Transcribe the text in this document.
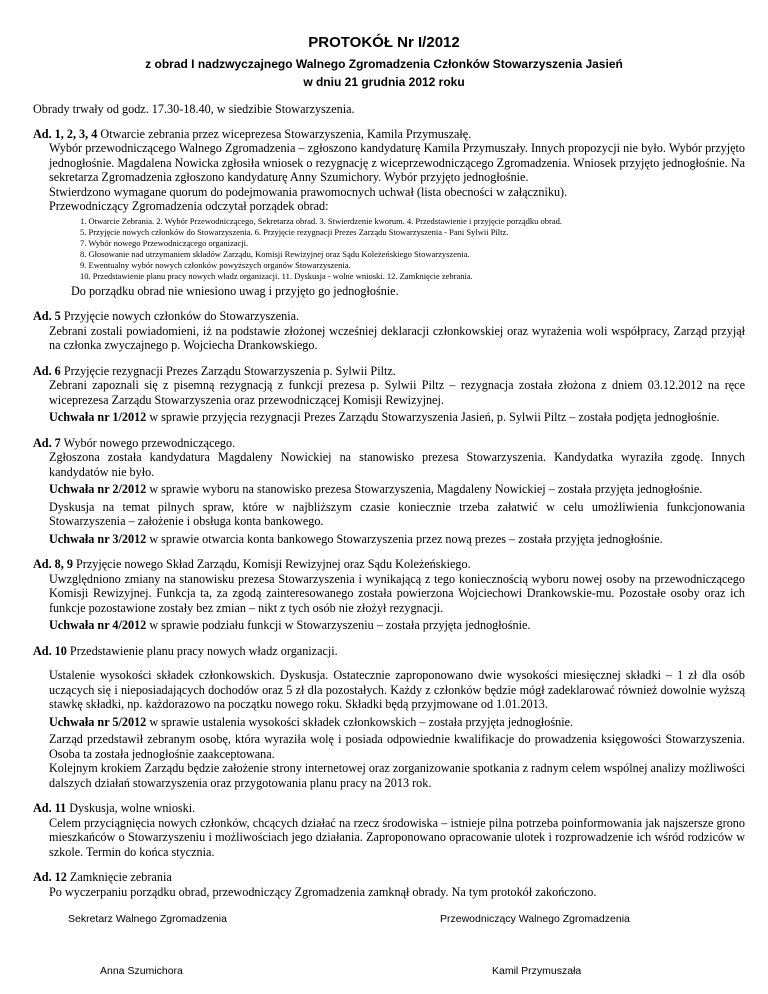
PROTOKÓŁ Nr I/2012
z obrad I nadzwyczajnego Walnego Zgromadzenia Członków Stowarzyszenia Jasień
w dniu 21 grudnia 2012 roku

Obrady trwały od godz. 17.30-18.40, w siedzibie Stowarzyszenia.

Ad. 1, 2, 3, 4 Otwarcie zebrania przez wiceprezesa Stowarzyszenia, Kamila Przymuszałę.

Wybór przewodniczącego Walnego Zgromadzenia – zgłoszono kandydaturę Kamila Przymuszały. Innych propozycji nie było. Wybór przyjęto jednogłośnie. Magdalena Nowicka zgłosiła wniosek o rezygnację z wiceprzewodniczącego Zgromadzenia. Wniosek przyjęto jednogłośnie. Na sekretarza Zgromadzenia zgłoszono kandydaturę Anny Szumichory. Wybór przyjęto jednogłośnie.

Stwierdzono wymagane quorum do podejmowania prawomocnych uchwał (lista obecności w załączniku).

Przewodniczący Zgromadzenia odczytał porządek obrad:

1. Otwarcie Zebrania. 2. Wybór Przewodniczącego, Sekretarza obrad. 3. Stwierdzenie kworum. 4. Przedstawienie i przyjęcie porządku obrad.
5. Przyjęcie nowych członków do Stowarzyszenia. 6. Przyjęcie rezygnacji Prezes Zarządu Stowarzyszenia - Pani Sylwii Piltz.
7. Wybór nowego Przewodniczącego organizacji.
8. Głosowanie nad utrzymaniem składów Zarządu, Komisji Rewizyjnej oraz Sądu Koleżeńskiego Stowarzyszenia.
9. Ewentualny wybór nowych członków powyższych organów Stowarzyszenia.
10. Przedstawienie planu pracy nowych władz organizacji. 11. Dyskusja - wolne wnioski. 12. Zamknięcie zebrania.

Do porządku obrad nie wniesiono uwag i przyjęto go jednogłośnie.

Ad. 5 Przyjęcie nowych członków do Stowarzyszenia.

Zebrani zostali powiadomieni, iż na podstawie złożonej wcześniej deklaracji członkowskiej oraz wyrażenia woli współpracy, Zarząd przyjął na członka zwyczajnego p. Wojciecha Drankowskiego.

Ad. 6 Przyjęcie rezygnacji Prezes Zarządu Stowarzyszenia p. Sylwii Piltz.

Zebrani zapoznali się z pisemną rezygnacją z funkcji prezesa p. Sylwii Piltz – rezygnacja została złożona z dniem 03.12.2012 na ręce wiceprezesa Zarządu Stowarzyszenia oraz przewodniczącej Komisji Rewizyjnej.

Uchwała nr 1/2012 w sprawie przyjęcia rezygnacji Prezes Zarządu Stowarzyszenia Jasień, p. Sylwii Piltz – została podjęta jednogłośnie.

Ad. 7 Wybór nowego przewodniczącego.

Zgłoszona została kandydatura Magdaleny Nowickiej na stanowisko prezesa Stowarzyszenia. Kandydatka wyraziła zgodę. Innych kandydatów nie było.

Uchwała nr 2/2012 w sprawie wyboru na stanowisko prezesa Stowarzyszenia, Magdaleny Nowickiej – została przyjęta jednogłośnie.

Dyskusja na temat pilnych spraw, które w najbliższym czasie koniecznie trzeba załatwić w celu umożliwienia funkcjonowania Stowarzyszenia – założenie i obsługa konta bankowego.

Uchwała nr 3/2012 w sprawie otwarcia konta bankowego Stowarzyszenia przez nową prezes – została przyjęta jednogłośnie.

Ad. 8, 9 Przyjęcie nowego Skład Zarządu, Komisji Rewizyjnej oraz Sądu Koleżeńskiego.

Uwzględniono zmiany na stanowisku prezesa Stowarzyszenia i wynikającą z tego koniecznością wyboru nowej osoby na przewodniczącego Komisji Rewizyjnej. Funkcja ta, za zgodą zainteresowanego została powierzona Wojciechowi Drankowskie-mu. Pozostałe osoby oraz ich funkcje pozostawione zostały bez zmian – nikt z tych osób nie złożył rezygnacji.

Uchwała nr 4/2012 w sprawie podziału funkcji w Stowarzyszeniu – została przyjęta jednogłośnie.

Ad. 10 Przedstawienie planu pracy nowych władz organizacji.

Ustalenie wysokości składek członkowskich. Dyskusja. Ostatecznie zaproponowano dwie wysokości miesięcznej składki – 1 zł dla osób uczących się i nieposiadających dochodów oraz 5 zł dla pozostałych. Każdy z członków będzie mógł zadeklarować również dowolnie wyższą stawkę składki, np. każdorazowo na początku nowego roku. Składki będą przyjmowane od 1.01.2013.

Uchwała nr 5/2012 w sprawie ustalenia wysokości składek członkowskich – została przyjęta jednogłośnie.

Zarząd przedstawił zebranym osobę, która wyraziła wolę i posiada odpowiednie kwalifikacje do prowadzenia księgowości Stowarzyszenia. Osoba ta została jednogłośnie zaakceptowana.

Kolejnym krokiem Zarządu będzie założenie strony internetowej oraz zorganizowanie spotkania z radnym celem wspólnej analizy możliwości dalszych działań stowarzyszenia oraz przygotowania planu pracy na 2013 rok.

Ad. 11 Dyskusja, wolne wnioski.

Celem przyciągnięcia nowych członków, chcących działać na rzecz środowiska – istnieje pilna potrzeba poinformowania jak najszersze grono mieszkańców o Stowarzyszeniu i możliwościach jego działania. Zaproponowano opracowanie ulotek i rozprowadzenie ich wśród rodziców w szkole. Termin do końca stycznia.

Ad. 12 Zamknięcie zebrania

Po wyczerpaniu porządku obrad, przewodniczący Zgromadzenia zamknął obrady. Na tym protokół zakończono.

Sekretarz Walnego Zgromadzenia	Przewodniczący Walnego Zgromadzenia
Anna Szumichora	Kamil Przymuszała
